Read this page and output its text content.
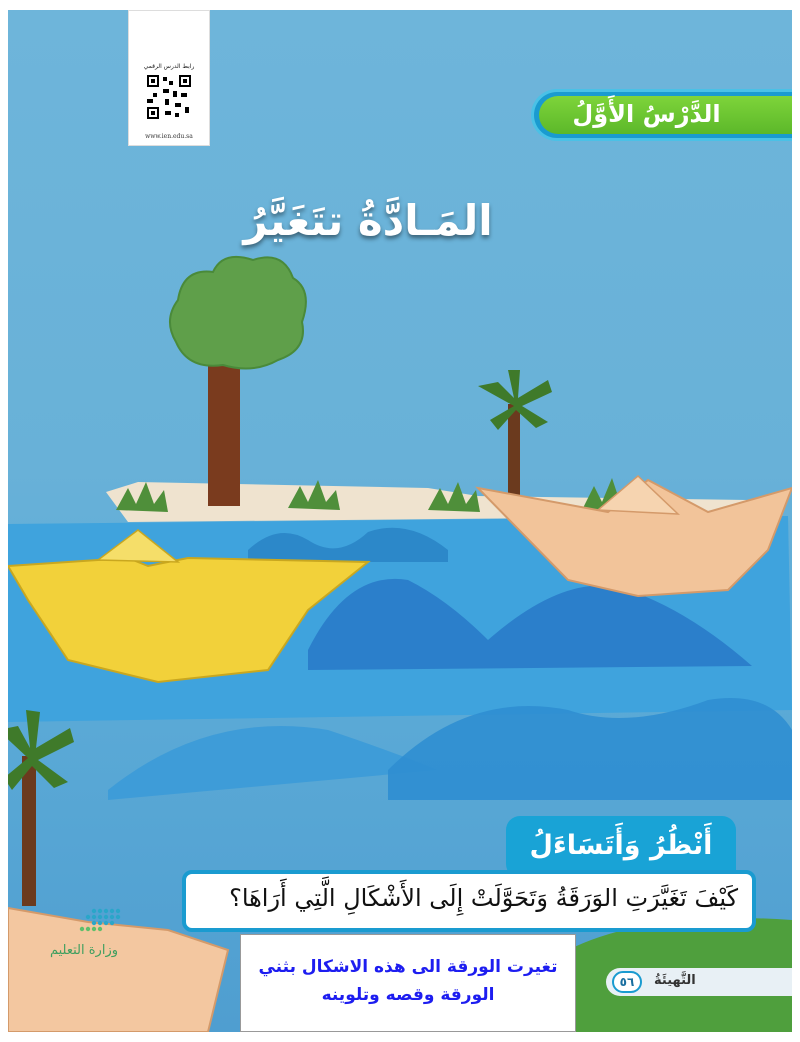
رابط الدرس الرقمي
www.ien.edu.sa
الدَّرْسُ الأَوَّلُ
المَـادَّةُ تتَغَيَّرُ
أَنْظُرُ وَأَتَسَاءَلُ
كَيْفَ تَغَيَّرَتِ الوَرَقَةُ وَتَحَوَّلَتْ إِلَى الأَشْكَالِ الَّتِي أَرَاهَا؟
تغيرت الورقة الى هذه الاشكال بثني
الورقة وقصه وتلوينه
وزارة التعليم
٥٦	التَّهيئَةُ
